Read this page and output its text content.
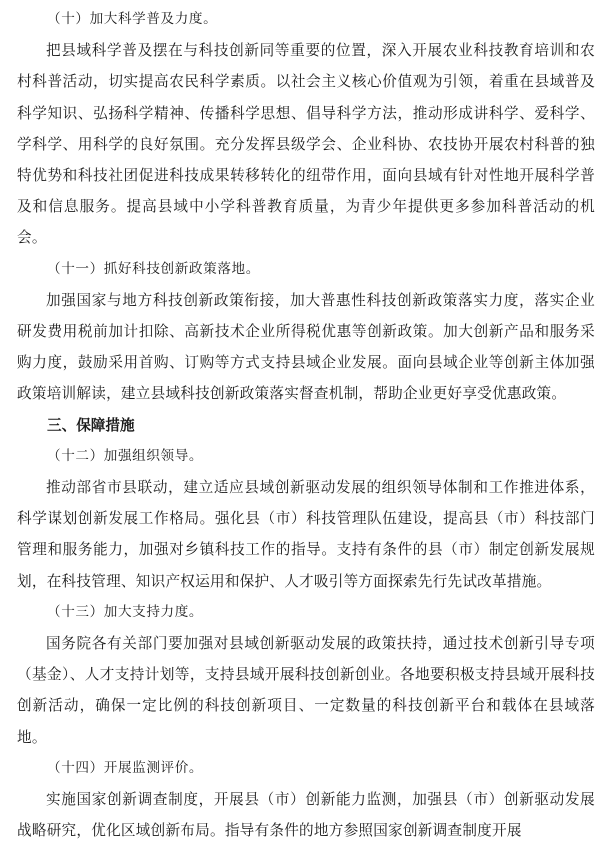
（十）加大科学普及力度。

把县域科学普及摆在与科技创新同等重要的位置，深入开展农业科技教育培训和农村科普活动，切实提高农民科学素质。以社会主义核心价值观为引领，着重在县域普及科学知识、弘扬科学精神、传播科学思想、倡导科学方法，推动形成讲科学、爱科学、学科学、用科学的良好氛围。充分发挥县级学会、企业科协、农技协开展农村科普的独特优势和科技社团促进科技成果转移转化的纽带作用，面向县域有针对性地开展科学普及和信息服务。提高县域中小学科普教育质量，为青少年提供更多参加科普活动的机会。

（十一）抓好科技创新政策落地。

加强国家与地方科技创新政策衔接，加大普惠性科技创新政策落实力度，落实企业研发费用税前加计扣除、高新技术企业所得税优惠等创新政策。加大创新产品和服务采购力度，鼓励采用首购、订购等方式支持县域企业发展。面向县域企业等创新主体加强政策培训解读，建立县域科技创新政策落实督查机制，帮助企业更好享受优惠政策。

三、保障措施

（十二）加强组织领导。

推动部省市县联动，建立适应县域创新驱动发展的组织领导体制和工作推进体系，科学谋划创新发展工作格局。强化县（市）科技管理队伍建设，提高县（市）科技部门管理和服务能力，加强对乡镇科技工作的指导。支持有条件的县（市）制定创新发展规划，在科技管理、知识产权运用和保护、人才吸引等方面探索先行先试改革措施。

（十三）加大支持力度。

国务院各有关部门要加强对县域创新驱动发展的政策扶持，通过技术创新引导专项（基金）、人才支持计划等，支持县域开展科技创新创业。各地要积极支持县域开展科技创新活动，确保一定比例的科技创新项目、一定数量的科技创新平台和载体在县域落地。

（十四）开展监测评价。

实施国家创新调查制度，开展县（市）创新能力监测，加强县（市）创新驱动发展战略研究，优化区域创新布局。指导有条件的地方参照国家创新调查制度开展
